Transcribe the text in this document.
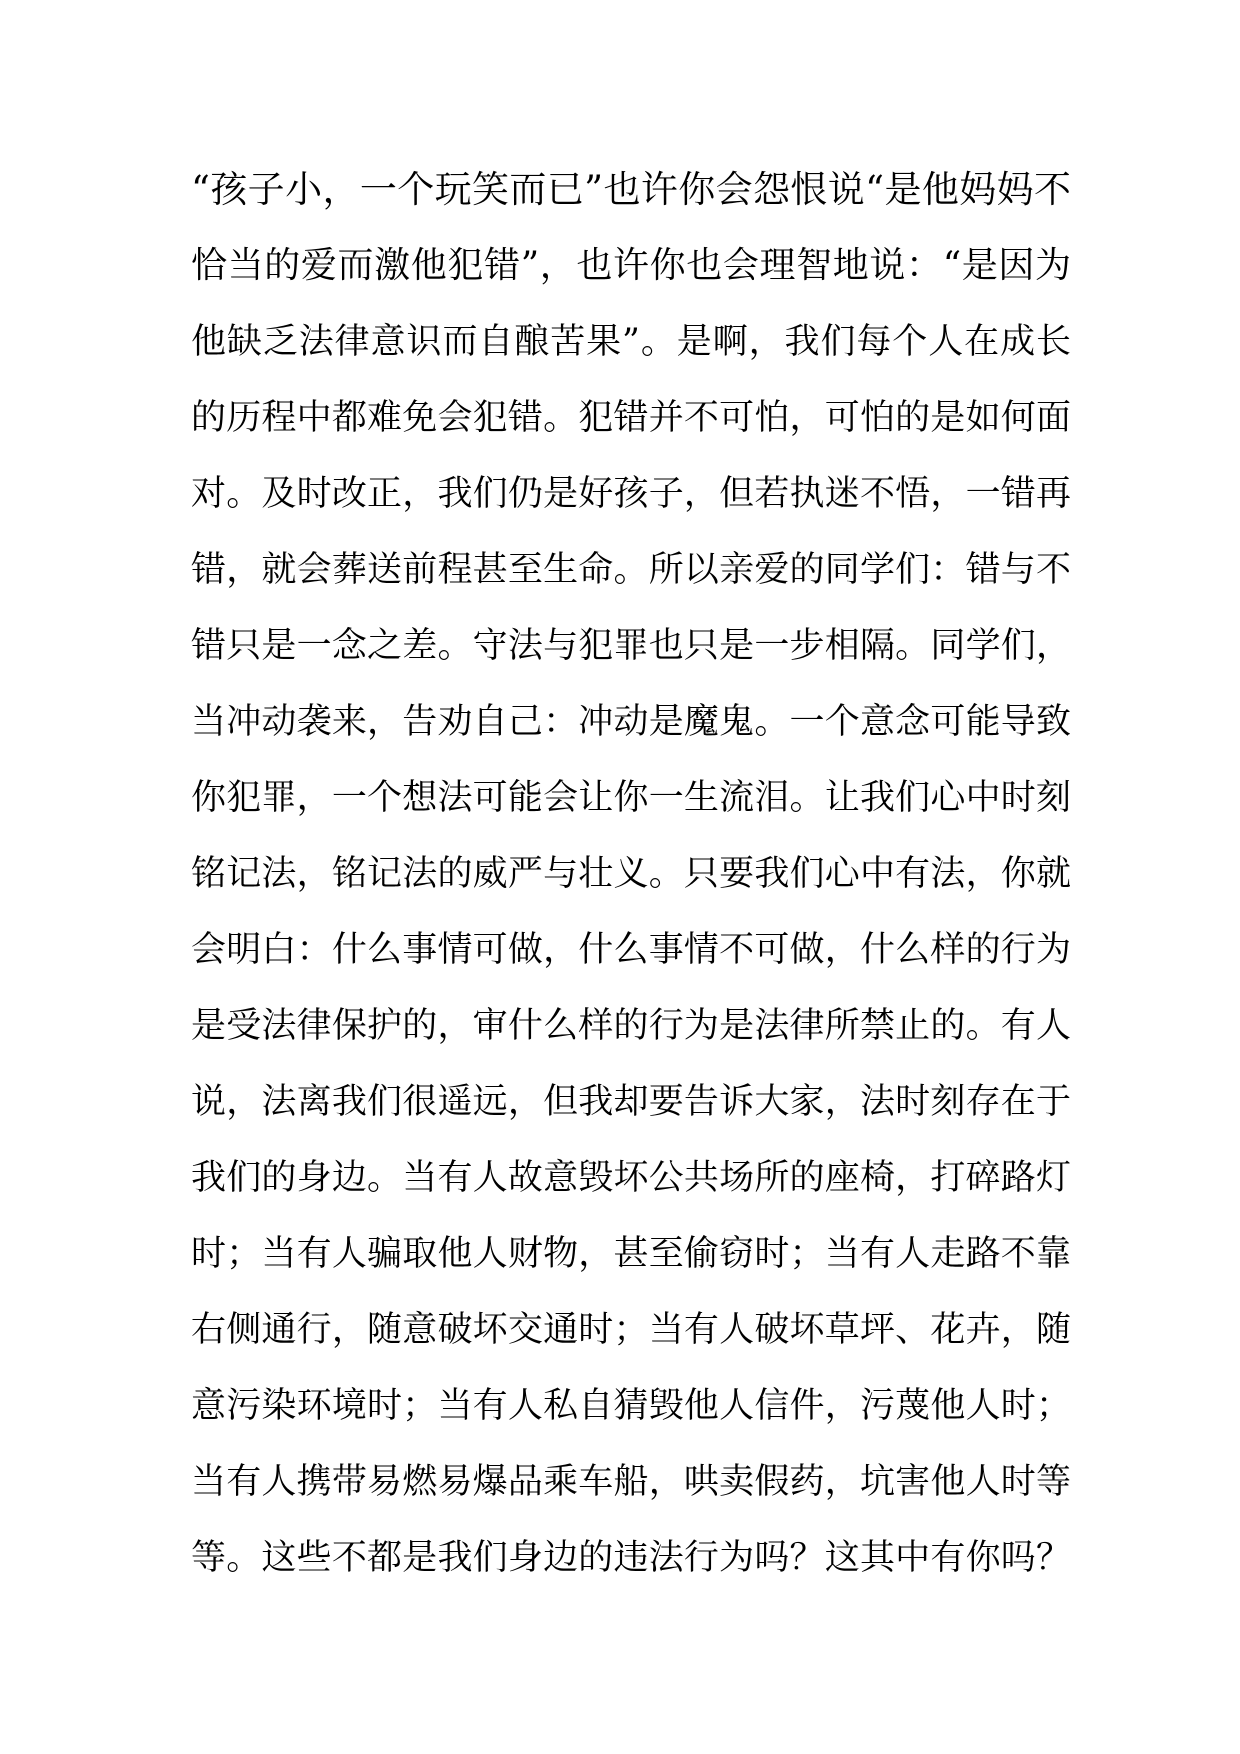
“孩子小，一个玩笑而已”也许你会怨恨说“是他妈妈不
恰当的爱而激他犯错”，也许你也会理智地说：“是因为
他缺乏法律意识而自酿苦果”。是啊，我们每个人在成长
的历程中都难免会犯错。犯错并不可怕，可怕的是如何面
对。及时改正，我们仍是好孩子，但若执迷不悟，一错再
错，就会葬送前程甚至生命。所以亲爱的同学们：错与不
错只是一念之差。守法与犯罪也只是一步相隔。同学们，
当冲动袭来，告劝自己：冲动是魔鬼。一个意念可能导致
你犯罪，一个想法可能会让你一生流泪。让我们心中时刻
铭记法，铭记法的威严与壮义。只要我们心中有法，你就
会明白：什么事情可做，什么事情不可做，什么样的行为
是受法律保护的，审什么样的行为是法律所禁止的。有人
说，法离我们很遥远，但我却要告诉大家，法时刻存在于
我们的身边。当有人故意毁坏公共场所的座椅，打碎路灯
时；当有人骗取他人财物，甚至偷窃时；当有人走路不靠
右侧通行，随意破坏交通时；当有人破坏草坪、花卉，随
意污染环境时；当有人私自猜毁他人信件，污蔑他人时；
当有人携带易燃易爆品乘车船，哄卖假药，坑害他人时等
等。这些不都是我们身边的违法行为吗？这其中有你吗？
